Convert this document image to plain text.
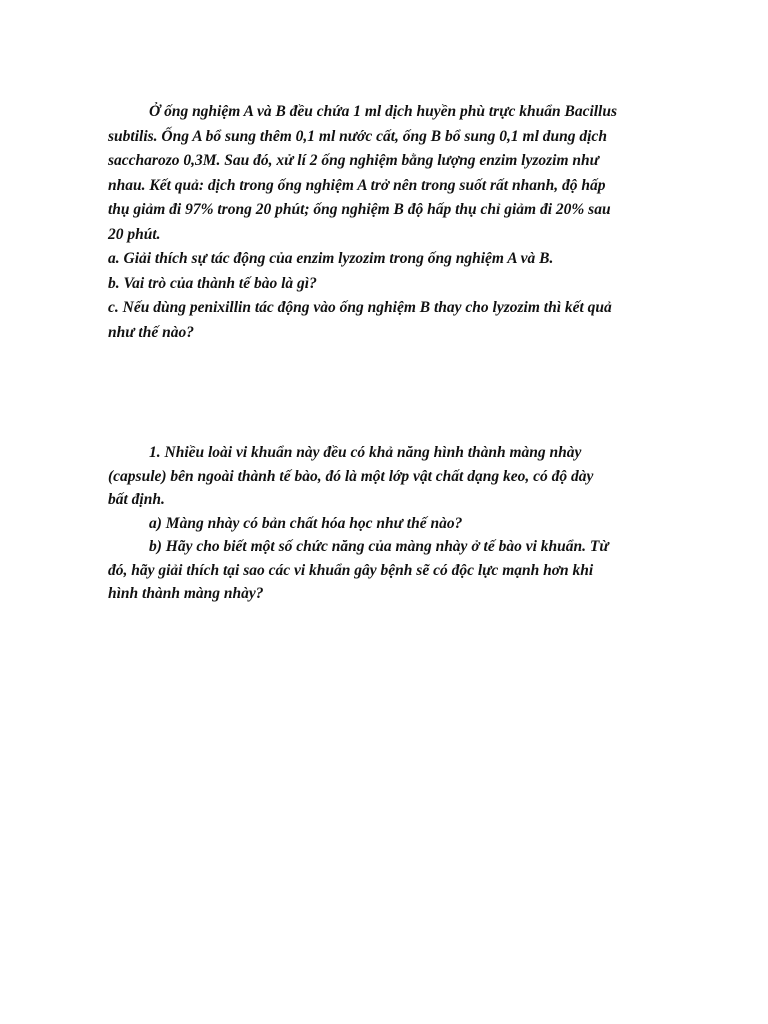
Ở ống nghiệm A và B đều chứa 1 ml dịch huyền phù trực khuẩn Bacillus
subtilis. Ống A bổ sung thêm 0,1 ml nước cất, ống B bổ sung 0,1 ml dung dịch
saccharozo 0,3M. Sau đó, xử lí 2 ống nghiệm bằng lượng enzim lyzozim như
nhau. Kết quả: dịch trong ống nghiệm A trở nên trong suốt rất nhanh, độ hấp
thụ giảm đi 97% trong 20 phút; ống nghiệm B độ hấp thụ chỉ giảm đi 20% sau
20 phút.
a. Giải thích sự tác động của enzim lyzozim trong ống nghiệm A và B.
b. Vai trò của thành tế bào là gì?
c. Nếu dùng penixillin tác động vào ống nghiệm B thay cho lyzozim thì kết quả
như thế nào?
1. Nhiều loài vi khuẩn này đều có khả năng hình thành màng nhày
(capsule) bên ngoài thành tế bào, đó là một lớp vật chất dạng keo, có độ dày
bất định.
a) Màng nhày có bản chất hóa học như thế nào?
b) Hãy cho biết một số chức năng của màng nhày ở tế bào vi khuẩn. Từ
đó, hãy giải thích tại sao các vi khuẩn gây bệnh sẽ có độc lực mạnh hơn khi
hình thành màng nhày?
